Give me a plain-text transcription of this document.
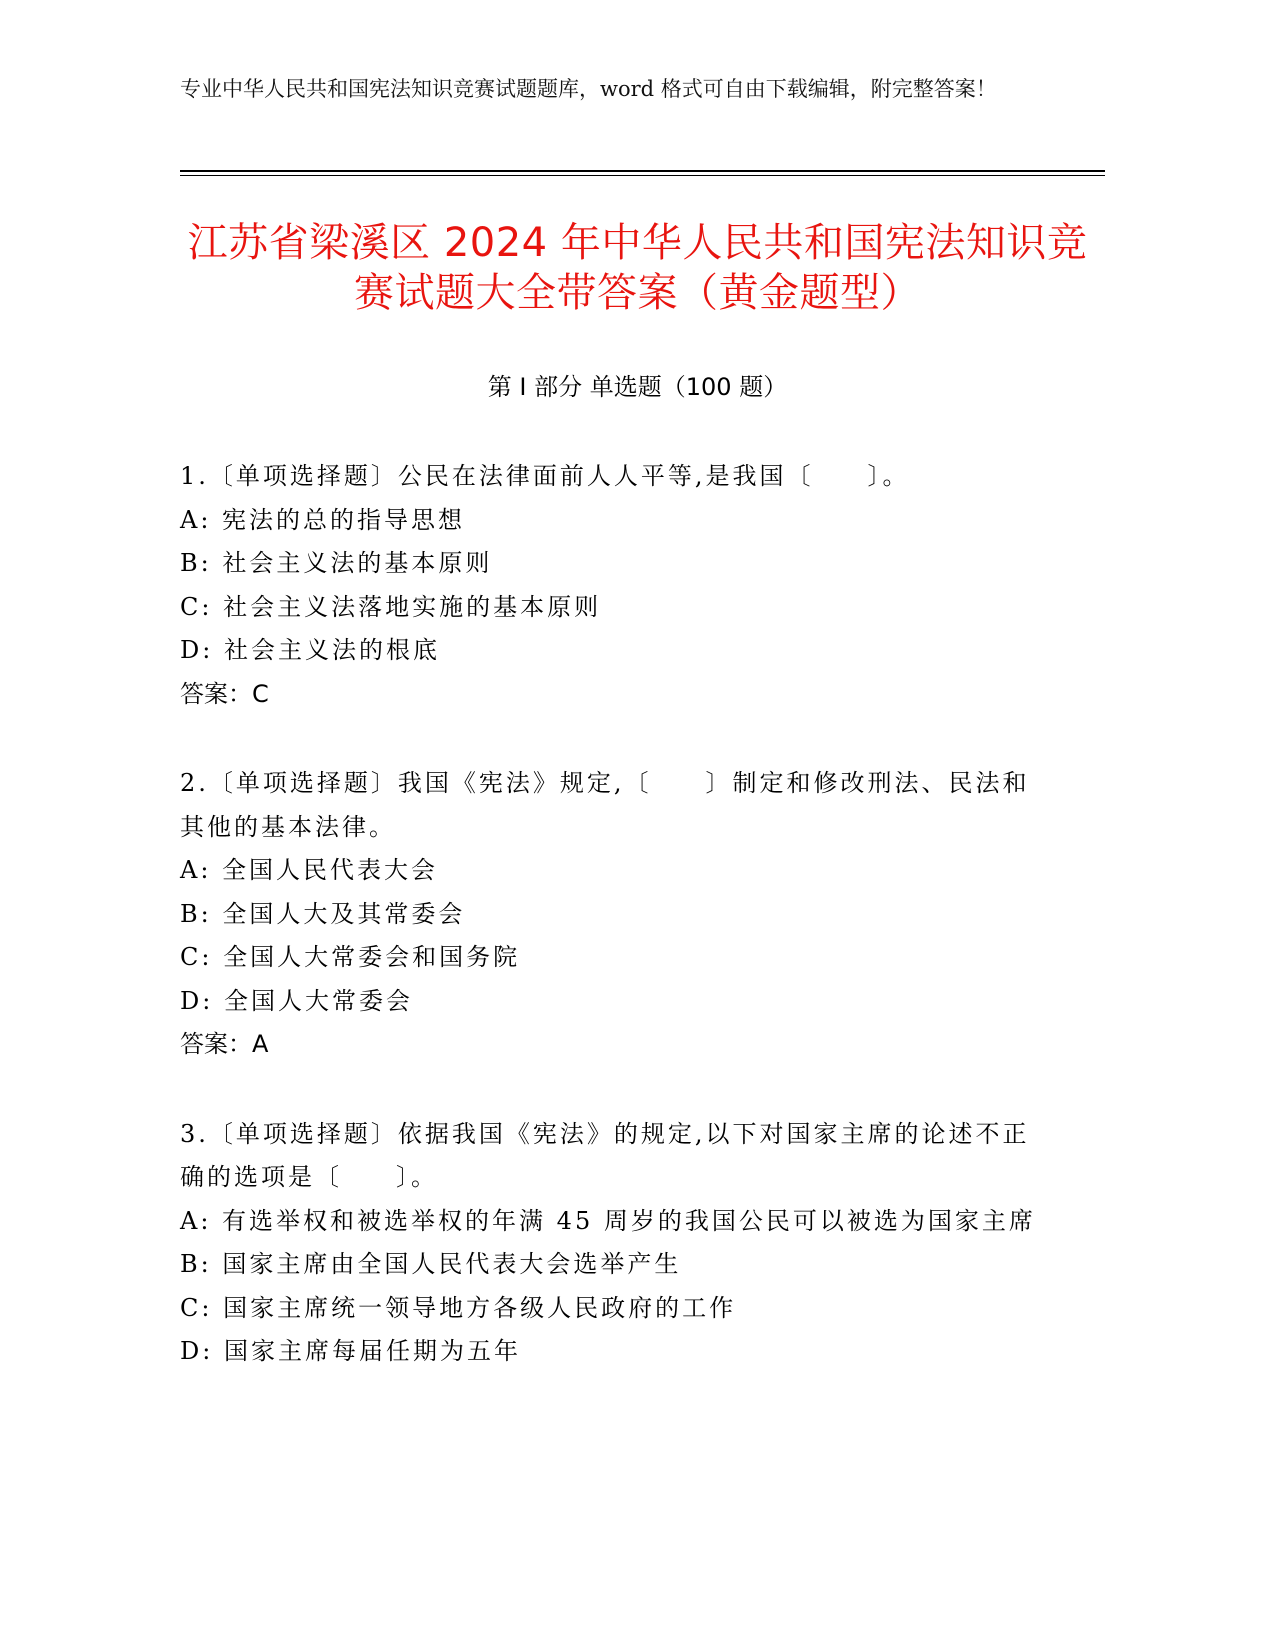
专业中华人民共和国宪法知识竞赛试题题库，word 格式可自由下载编辑，附完整答案！
江苏省梁溪区 2024 年中华人民共和国宪法知识竞赛试题大全带答案（黄金题型）
第 I 部分 单选题（100 题）

1.〔单项选择题〕公民在法律面前人人平等,是我国〔　　〕。

A: 宪法的总的指导思想

B: 社会主义法的基本原则

C: 社会主义法落地实施的基本原则

D: 社会主义法的根底

答案：C

2.〔单项选择题〕我国《宪法》规定,〔　　〕制定和修改刑法、民法和其他的基本法律。

A: 全国人民代表大会

B: 全国人大及其常委会

C: 全国人大常委会和国务院

D: 全国人大常委会

答案：A

3.〔单项选择题〕依据我国《宪法》的规定,以下对国家主席的论述不正确的选项是〔　　〕。

A: 有选举权和被选举权的年满 45 周岁的我国公民可以被选为国家主席

B: 国家主席由全国人民代表大会选举产生

C: 国家主席统一领导地方各级人民政府的工作

D: 国家主席每届任期为五年
